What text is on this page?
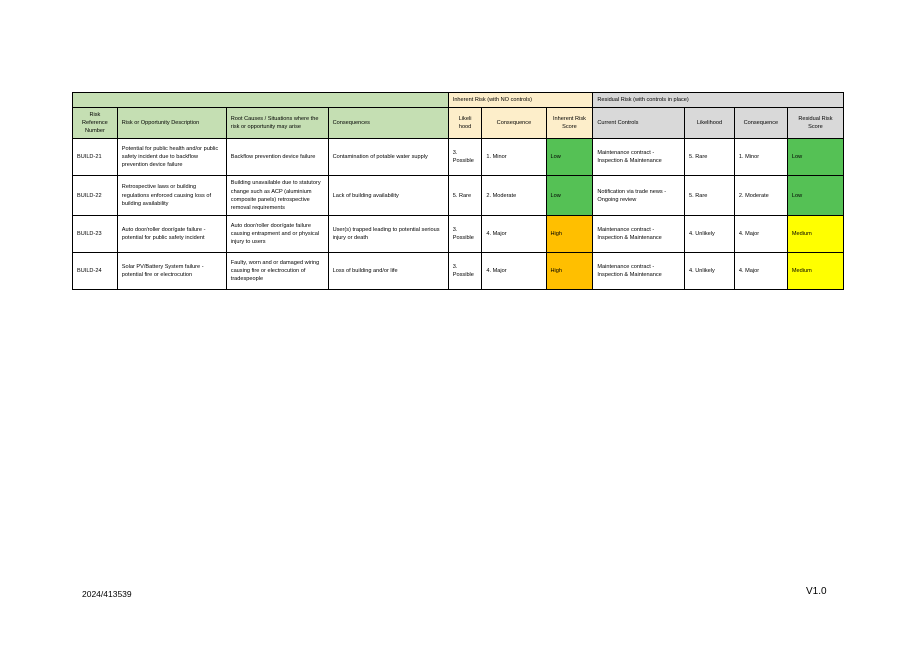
				Inherent Risk (with NO controls)			Residual Risk (with controls in place)			
Risk Reference Number	Risk or Opportunity Description	Root Causes / Situations where the risk or opportunity may arise	Consequences	Likeli hood	Consequence	Inherent Risk Score	Current Controls	Likelihood	Consequence	Residual Risk Score
BUILD-21	Potential for public health and/or public safety incident due to backflow prevention device failure	Backflow prevention device failure	Contamination of potable water supply	3. Possible	1. Minor	Low	Maintenance contract - Inspection & Maintenance	5. Rare	1. Minor	Low
BUILD-22	Retrospective laws or building regulations enforced causing loss of building availability	Building unavailable due to statutory change such as ACP (aluminium composite panels) retrospective removal requirements	Lack of building availability	5. Rare	2. Moderate	Low	Notification via trade news - Ongoing review	5. Rare	2. Moderate	Low
BUILD-23	Auto door/roller door/gate failure - potential for public safety incident	Auto door/roller door/gate failure causing entrapment and or physical injury to users	User(s) trapped leading to potential serious injury or death	3. Possible	4. Major	High	Maintenance contract - Inspection & Maintenance	4. Unlikely	4. Major	Medium
BUILD-24	Solar PV/Battery System failure - potential fire or electrocution	Faulty, worn and or damaged wiring causing fire or electrocution of tradespeople	Loss of building and/or life	3. Possible	4. Major	High	Maintenance contract - Inspection & Maintenance	4. Unlikely	4. Major	Medium
2024/413539	V1.0
